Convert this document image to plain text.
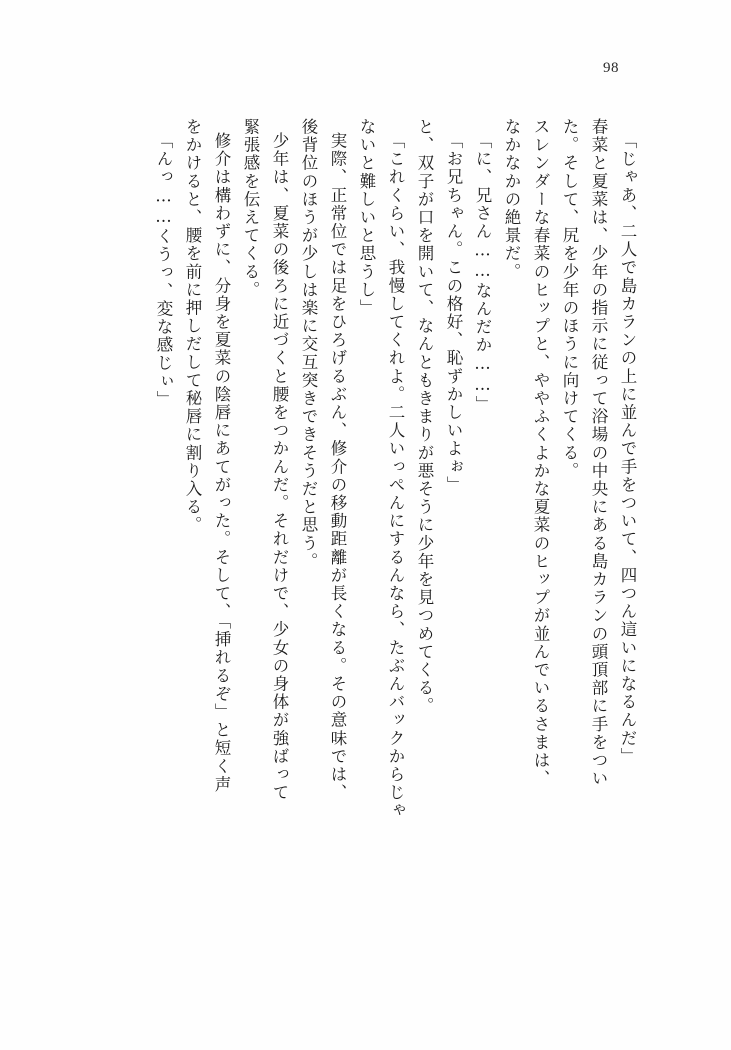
98
「じゃあ、二人で島カランの上に並んで手をついて、四つん這いになるんだ」
春菜と夏菜は、少年の指示に従って浴場の中央にある島カランの頭頂部に手をつい
た。そして、尻を少年のほうに向けてくる。
スレンダーな春菜のヒップと、ややふくよかな夏菜のヒップが並んでいるさまは、
なかなかの絶景だ。
「に、兄さん……なんだか……」
「お兄ちゃん。この格好、恥ずかしいよぉ」
と、双子が口を開いて、なんともきまりが悪そうに少年を見つめてくる。
「これくらい、我慢してくれよ。二人いっぺんにするんなら、たぶんバックからじゃ
ないと難しいと思うし」
実際、正常位では足をひろげるぶん、修介の移動距離が長くなる。その意味では、
後背位のほうが少しは楽に交互突きできそうだと思う。
少年は、夏菜の後ろに近づくと腰をつかんだ。それだけで、少女の身体が強ばって
緊張感を伝えてくる。
修介は構わずに、分身を夏菜の陰唇にあてがった。そして、「挿れるぞ」と短く声
をかけると、腰を前に押しだして秘唇に割り入る。
「んっ……くうっ、変な感じぃ」
